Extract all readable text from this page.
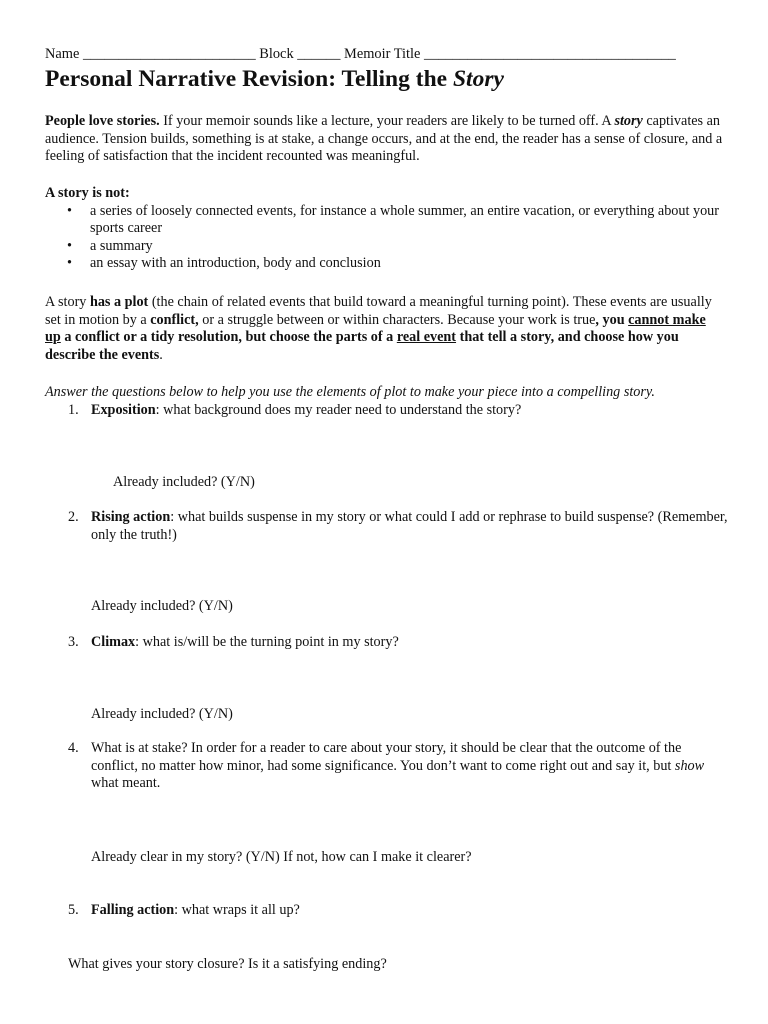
Name ________________________ Block ______ Memoir Title ___________________________________
Personal Narrative Revision: Telling the Story
People love stories. If your memoir sounds like a lecture, your readers are likely to be turned off. A story captivates an audience. Tension builds, something is at stake, a change occurs, and at the end, the reader has a sense of closure, and a feeling of satisfaction that the incident recounted was meaningful.
A story is not:
• a series of loosely connected events, for instance a whole summer, an entire vacation, or everything about your sports career
• a summary
• an essay with an introduction, body and conclusion
A story has a plot (the chain of related events that build toward a meaningful turning point). These events are usually set in motion by a conflict, or a struggle between or within characters. Because your work is true, you cannot make up a conflict or a tidy resolution, but choose the parts of a real event that tell a story, and choose how you describe the events.
Answer the questions below to help you use the elements of plot to make your piece into a compelling story.
1. Exposition: what background does my reader need to understand the story?
Already included? (Y/N)
2. Rising action: what builds suspense in my story or what could I add or rephrase to build suspense? (Remember, only the truth!)
Already included? (Y/N)
3. Climax: what is/will be the turning point in my story?
Already included? (Y/N)
4. What is at stake? In order for a reader to care about your story, it should be clear that the outcome of the conflict, no matter how minor, had some significance. You don’t want to come right out and say it, but show what meant.
Already clear in my story? (Y/N) If not, how can I make it clearer?
5. Falling action: what wraps it all up?
What gives your story closure? Is it a satisfying ending?
